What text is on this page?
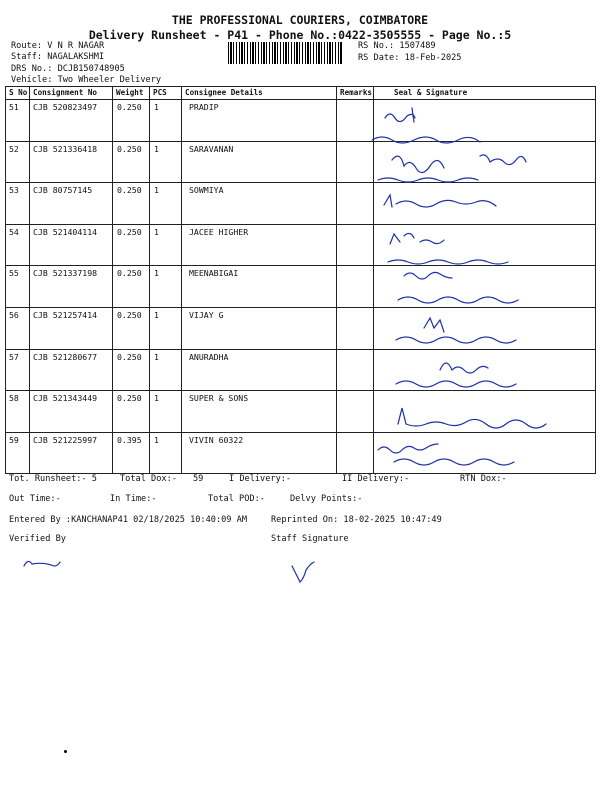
THE PROFESSIONAL COURIERS, COIMBATORE
Delivery Runsheet - P41 - Phone No.:0422-3505555 - Page No.:5
Route: V N R NAGAR
Staff: NAGALAKSHMI
DRS No.: DCJB150748905
Vehicle: Two Wheeler Delivery
RS No.: 1507489
RS Date: 18-Feb-2025
S No	Consignment No	Weight	PCS	Consignee Details	Remarks	Seal & Signature
51	CJB 520823497	0.250	1	PRADIP		
52	CJB 521336418	0.250	1	SARAVANAN		
53	CJB 80757145	0.250	1	SOWMIYA		
54	CJB 521404114	0.250	1	JACEE HIGHER		
55	CJB 521337198	0.250	1	MEENABIGAI		
56	CJB 521257414	0.250	1	VIJAY G		
57	CJB 521280677	0.250	1	ANURADHA		
58	CJB 521343449	0.250	1	SUPER & SONS		
59	CJB 521225997	0.395	1	VIVIN 60322		
Tot. Runsheet:- 5	Total Dox:- 59	I Delivery:-	II Delivery:-	RTN Dox:-
Out Time:-	In Time:-	Total POD:-	Delvy Points:-
Entered By :KANCHANAP41 02/18/2025 10:40:09 AM	Reprinted On: 18-02-2025 10:47:49
Verified By	Staff Signature
